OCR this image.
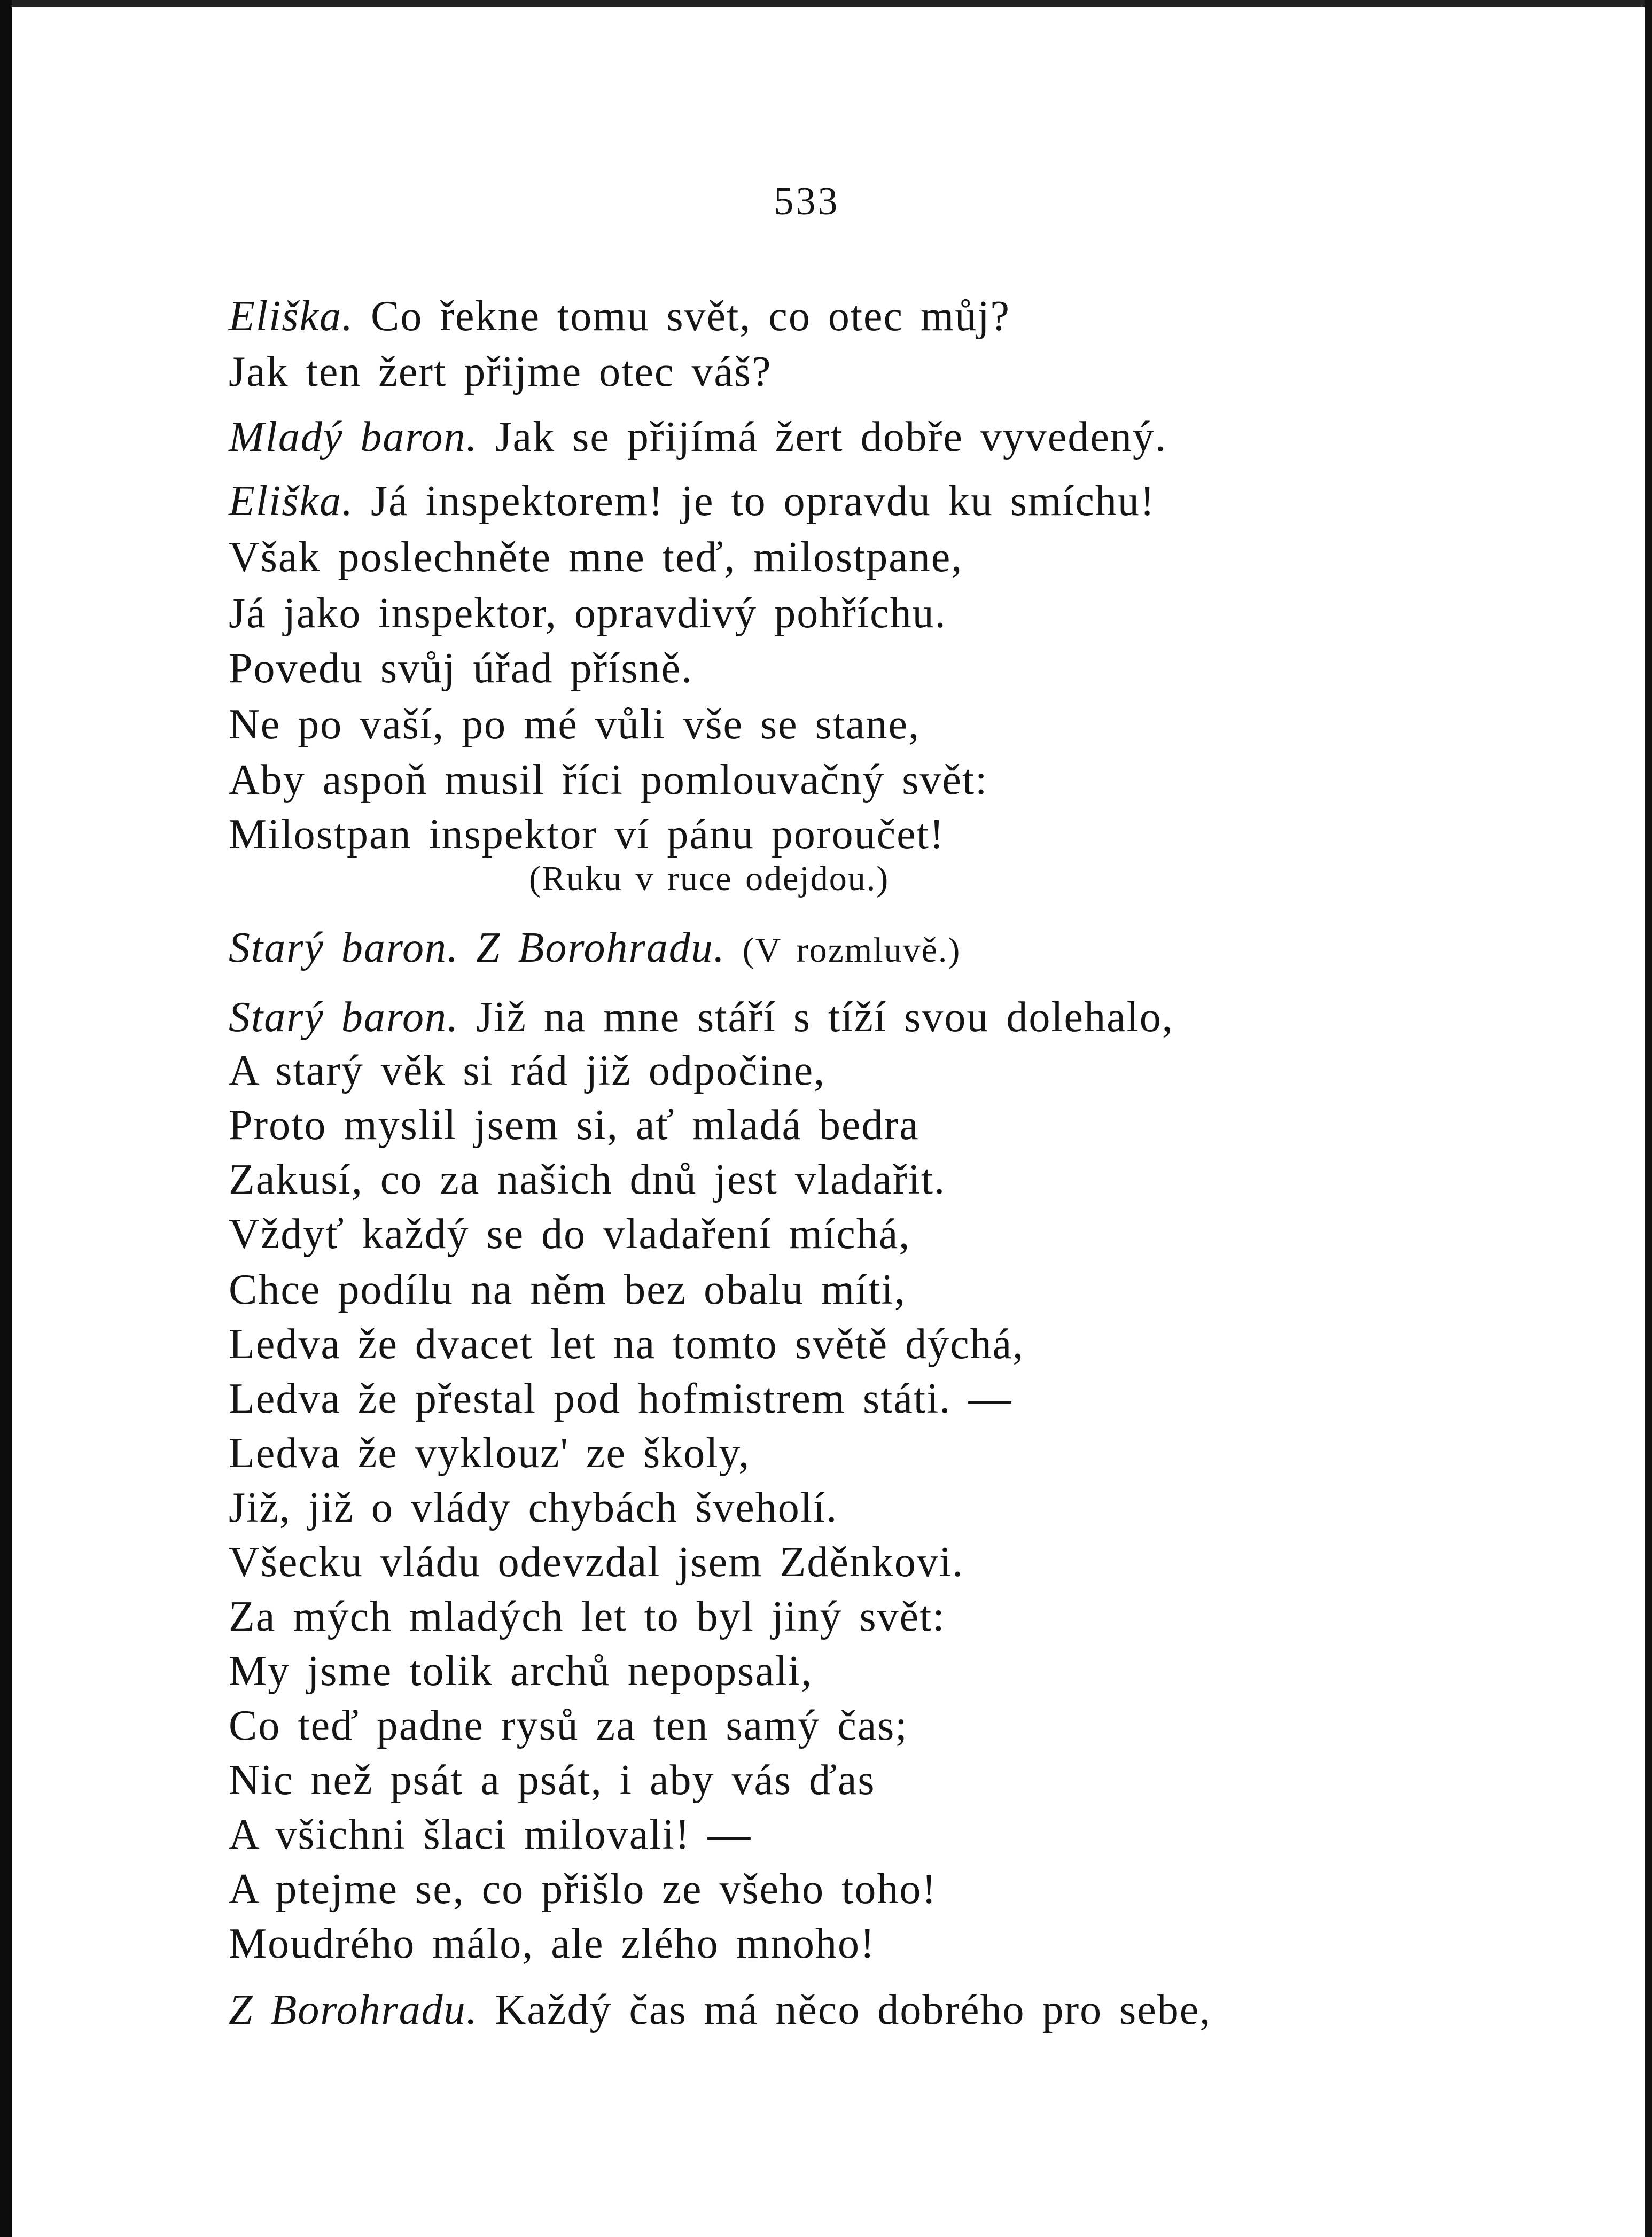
533
Eliška. Co řekne tomu svět, co otec můj?
Jak ten žert přijme otec váš?
Mladý baron. Jak se přijímá žert dobře vyvedený.
Eliška. Já inspektorem! je to opravdu ku smíchu!
Však poslechněte mne teď, milostpane,
Já jako inspektor, opravdivý pohříchu.
Povedu svůj úřad přísně.
Ne po vaší, po mé vůli vše se stane,
Aby aspoň musil říci pomlouvačný svět:
Milostpan inspektor ví pánu poroučet!
(Ruku v ruce odejdou.)
Starý baron. Z Borohradu. (V rozmluvě.)
Starý baron. Již na mne stáří s tíží svou dolehalo,
A starý věk si rád již odpočine,
Proto myslil jsem si, ať mladá bedra
Zakusí, co za našich dnů jest vladařit.
Vždyť každý se do vladaření míchá,
Chce podílu na něm bez obalu míti,
Ledva že dvacet let na tomto světě dýchá,
Ledva že přestal pod hofmistrem státi. —
Ledva že vyklouz' ze školy,
Již, již o vlády chybách šveholí.
Všecku vládu odevzdal jsem Zděnkovi.
Za mých mladých let to byl jiný svět:
My jsme tolik archů nepopsali,
Co teď padne rysů za ten samý čas;
Nic než psát a psát, i aby vás ďas
A všichni šlaci milovali! —
A ptejme se, co přišlo ze všeho toho!
Moudrého málo, ale zlého mnoho!
Z Borohradu. Každý čas má něco dobrého pro sebe,
